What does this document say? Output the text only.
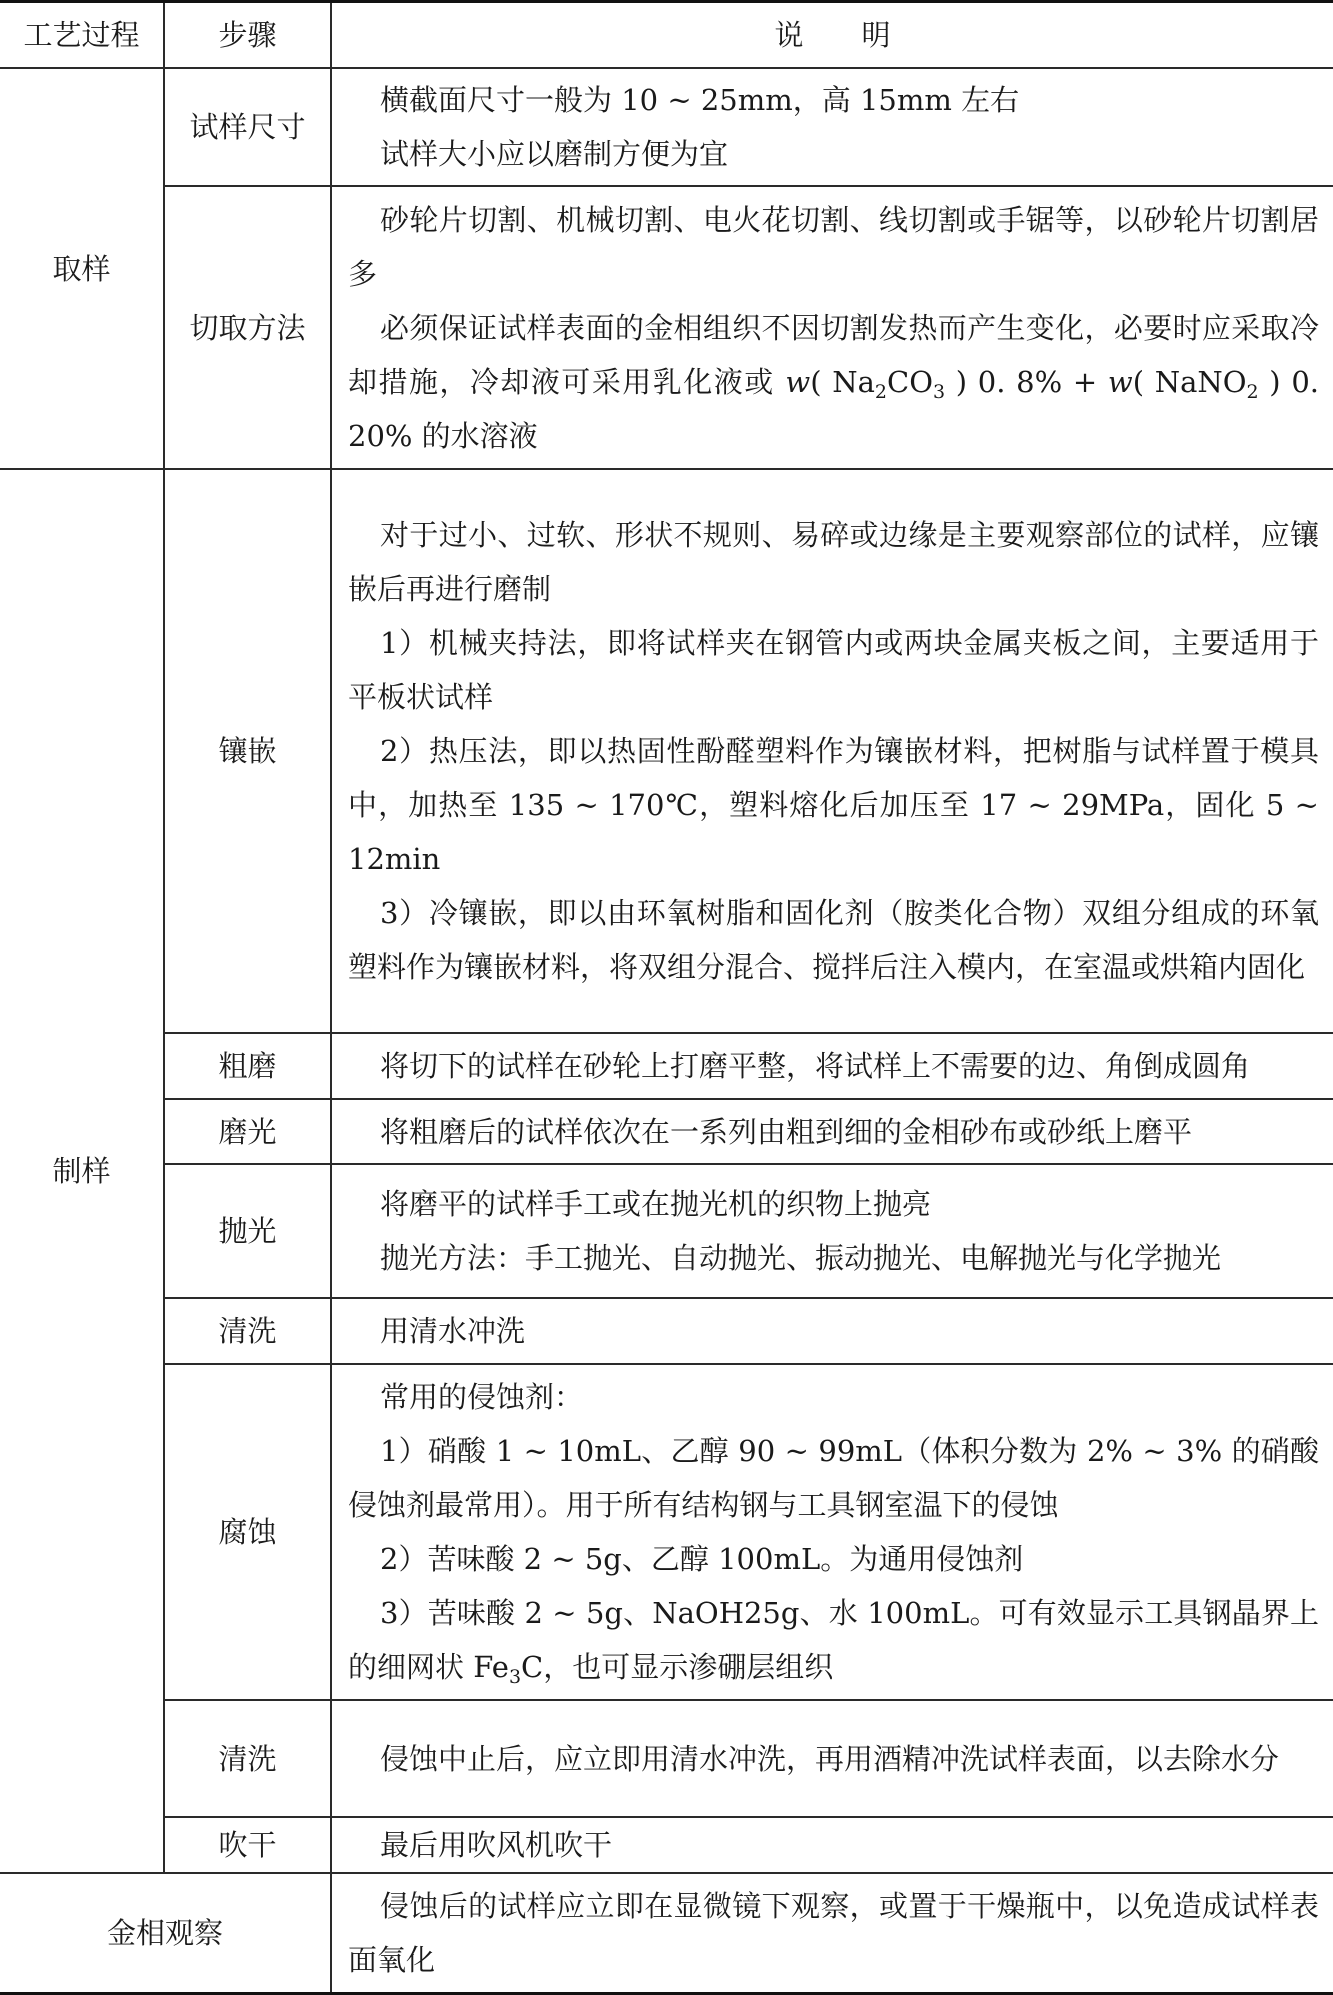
工艺过程	步骤	说　　明
取样	试样尺寸	横截面尺寸一般为 10 ~ 25mm，高 15mm 左右

试样大小应以磨制方便为宜

	切取方法	砂轮片切割、机械切割、电火花切割、线切割或手锯等，以砂轮片切割居多

必须保证试样表面的金相组织不因切割发热而产生变化，必要时应采取冷却措施，冷却液可采用乳化液或 w( $Na_2CO_3$ ) 0. 8% + w( NaNO$_2$ ) 0. 20% 的水溶液

制样	镶嵌	对于过小、过软、形状不规则、易碎或边缘是主要观察部位的试样，应镶嵌后再进行磨制

1）机械夹持法，即将试样夹在钢管内或两块金属夹板之间，主要适用于平板状试样

2）热压法，即以热固性酚醛塑料作为镶嵌材料，把树脂与试样置于模具中，加热至 135 ~ 170℃，塑料熔化后加压至 17 ~ 29MPa，固化 5 ~ 12min

3）冷镶嵌，即以由环氧树脂和固化剂（胺类化合物）双组分组成的环氧塑料作为镶嵌材料，将双组分混合、搅拌后注入模内，在室温或烘箱内固化

	粗磨	将切下的试样在砂轮上打磨平整，将试样上不需要的边、角倒成圆角

	磨光	将粗磨后的试样依次在一系列由粗到细的金相砂布或砂纸上磨平

	抛光	将磨平的试样手工或在抛光机的织物上抛亮

抛光方法：手工抛光、自动抛光、振动抛光、电解抛光与化学抛光

	清洗	用清水冲洗

	腐蚀	常用的侵蚀剂：

1）硝酸 1 ~ 10mL、乙醇 90 ~ 99mL（体积分数为 2% ~ 3% 的硝酸侵蚀剂最常用）。用于所有结构钢与工具钢室温下的侵蚀

2）苦味酸 2 ~ 5g、乙醇 100mL。为通用侵蚀剂

3）苦味酸 2 ~ 5g、NaOH25g、水 100mL。可有效显示工具钢晶界上的细网状 $Fe_3C$，也可显示渗硼层组织

	清洗	侵蚀中止后，应立即用清水冲洗，再用酒精冲洗试样表面，以去除水分

	吹干	最后用吹风机吹干

金相观察		侵蚀后的试样应立即在显微镜下观察，或置于干燥瓶中，以免造成试样表面氧化
